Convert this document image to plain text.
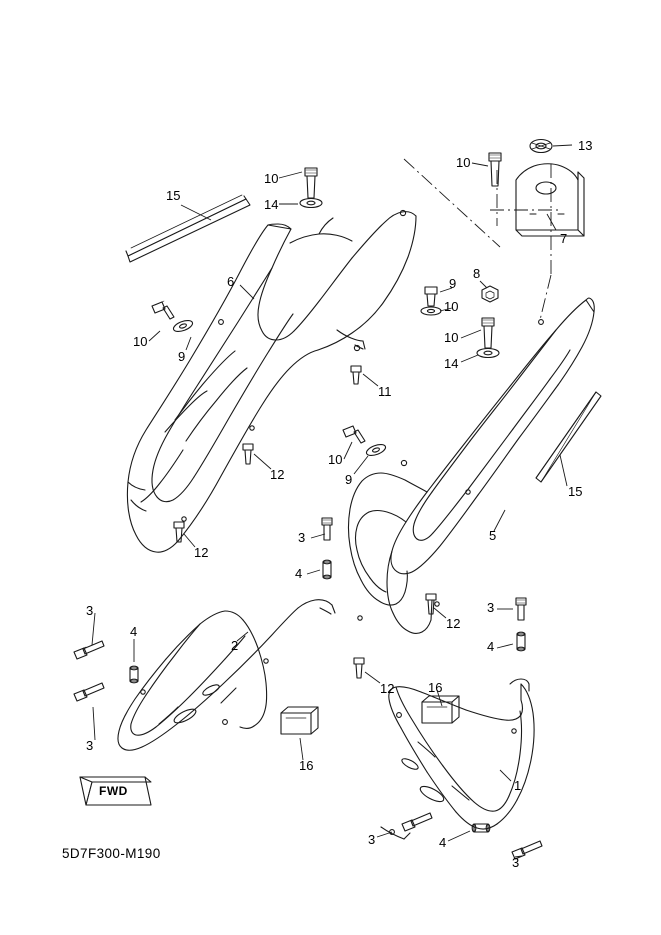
15
10
14
10
13
7
6	9
8
10
10
9
10
14
11
12
10
9
15
5
12
3
4
3
4
3
2
12
3
4
12	16
16
1
3	4
3
FWD
5D7F300-M190
